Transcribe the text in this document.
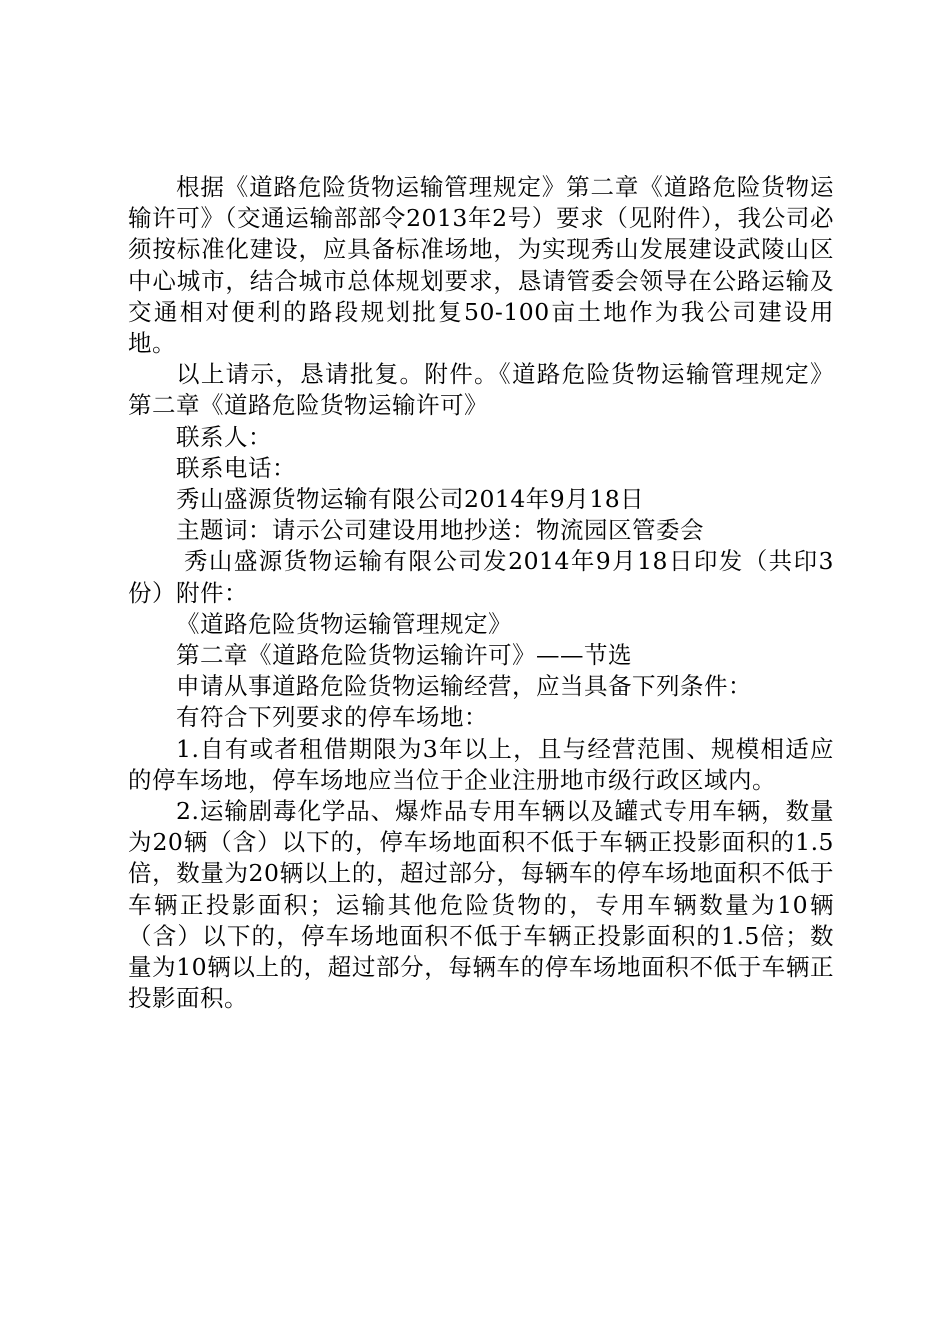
根据《道路危险货物运输管理规定》第二章《道路危险货物运输许可》（交通运输部部令2013年2号）要求（见附件），我公司必须按标准化建设，应具备标准场地，为实现秀山发展建设武陵山区中心城市，结合城市总体规划要求，恳请管委会领导在公路运输及交通相对便利的路段规划批复50-100亩土地作为我公司建设用地。

以上请示，恳请批复。附件。《道路危险货物运输管理规定》第二章《道路危险货物运输许可》

联系人：

联系电话：

秀山盛源货物运输有限公司2014年9月18日

主题词：请示公司建设用地抄送：物流园区管委会

秀山盛源货物运输有限公司发2014年9月18日印发（共印3份）附件：

《道路危险货物运输管理规定》

第二章《道路危险货物运输许可》——节选

申请从事道路危险货物运输经营，应当具备下列条件：

有符合下列要求的停车场地：

1.自有或者租借期限为3年以上，且与经营范围、规模相适应的停车场地，停车场地应当位于企业注册地市级行政区域内。

2.运输剧毒化学品、爆炸品专用车辆以及罐式专用车辆，数量为20辆（含）以下的，停车场地面积不低于车辆正投影面积的1.5倍，数量为20辆以上的，超过部分，每辆车的停车场地面积不低于车辆正投影面积；运输其他危险货物的，专用车辆数量为10辆（含）以下的，停车场地面积不低于车辆正投影面积的1.5倍；数量为10辆以上的，超过部分，每辆车的停车场地面积不低于车辆正投影面积。
